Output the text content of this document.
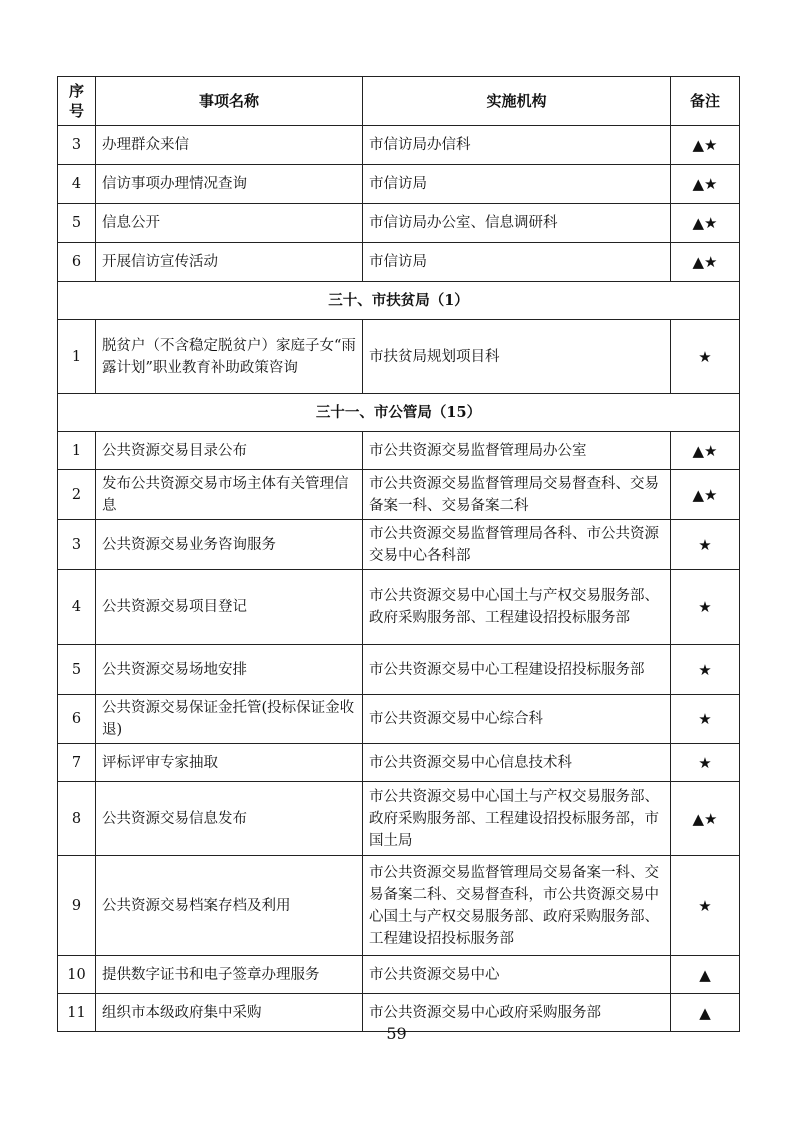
序号	事项名称	实施机构	备注
3	办理群众来信	市信访局办信科	▲★
4	信访事项办理情况查询	市信访局	▲★
5	信息公开	市信访局办公室、信息调研科	▲★
6	开展信访宣传活动	市信访局	▲★
三十、市扶贫局（1）			
1	脱贫户（不含稳定脱贫户）家庭子女“雨露计划”职业教育补助政策咨询	市扶贫局规划项目科	★
三十一、市公管局（15）			
1	公共资源交易目录公布	市公共资源交易监督管理局办公室	▲★
2	发布公共资源交易市场主体有关管理信息	市公共资源交易监督管理局交易督查科、交易备案一科、交易备案二科	▲★
3	公共资源交易业务咨询服务	市公共资源交易监督管理局各科、市公共资源交易中心各科部	★
4	公共资源交易项目登记	市公共资源交易中心国土与产权交易服务部、政府采购服务部、工程建设招投标服务部	★
5	公共资源交易场地安排	市公共资源交易中心工程建设招投标服务部	★
6	公共资源交易保证金托管(投标保证金收退)	市公共资源交易中心综合科	★
7	评标评审专家抽取	市公共资源交易中心信息技术科	★
8	公共资源交易信息发布	市公共资源交易中心国土与产权交易服务部、政府采购服务部、工程建设招投标服务部，市国土局	▲★
9	公共资源交易档案存档及利用	市公共资源交易监督管理局交易备案一科、交易备案二科、交易督查科，市公共资源交易中心国土与产权交易服务部、政府采购服务部、工程建设招投标服务部	★
10	提供数字证书和电子签章办理服务	市公共资源交易中心	▲
11	组织市本级政府集中采购	市公共资源交易中心政府采购服务部	▲
59
